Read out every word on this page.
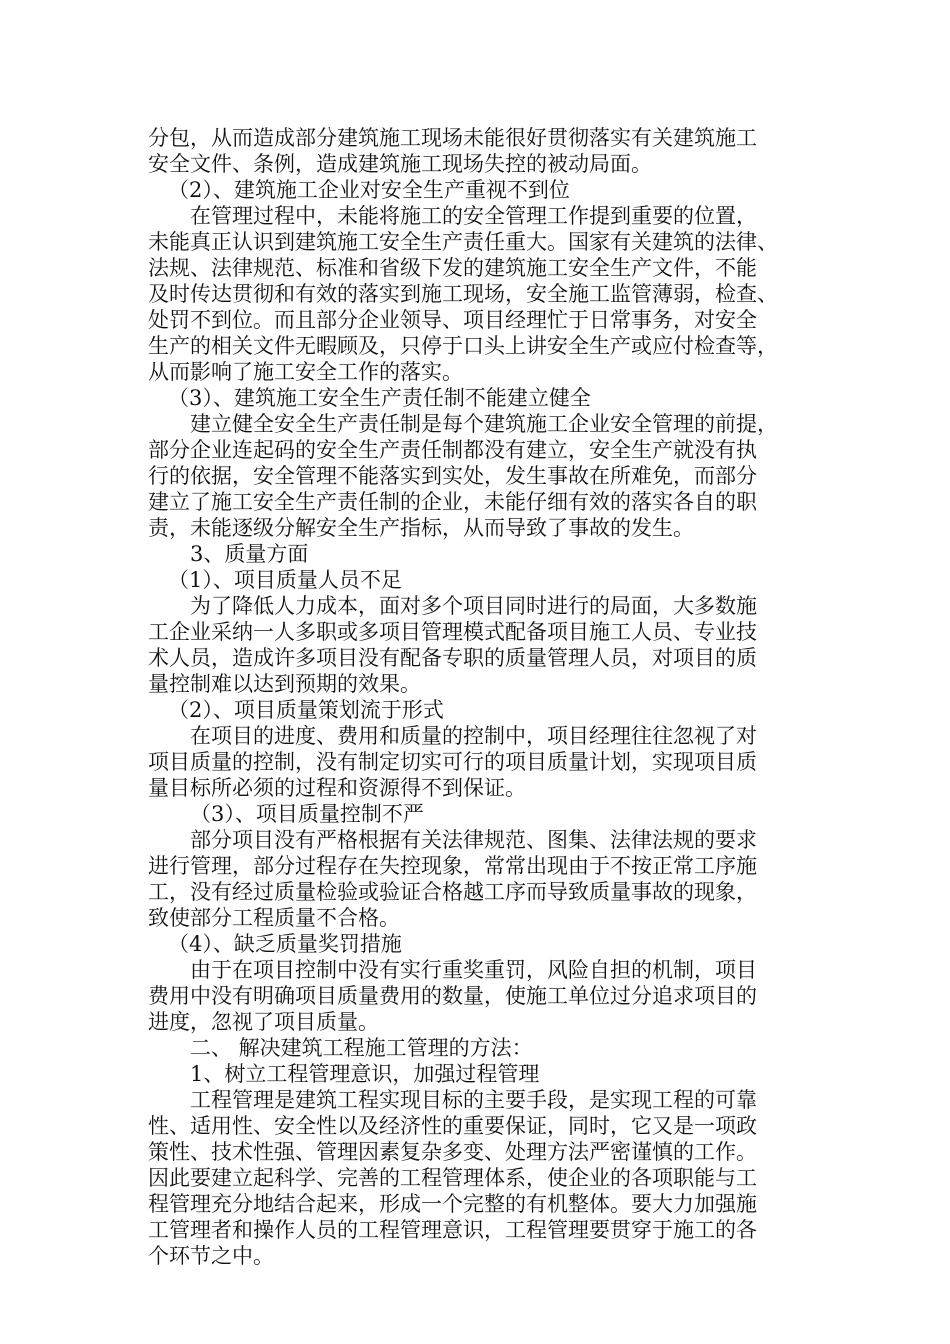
分包，从而造成部分建筑施工现场未能很好贯彻落实有关建筑施工
安全文件、条例，造成建筑施工现场失控的被动局面。
（2）、建筑施工企业对安全生产重视不到位
在管理过程中，未能将施工的安全管理工作提到重要的位置，
未能真正认识到建筑施工安全生产责任重大。国家有关建筑的法律、
法规、法律规范、标准和省级下发的建筑施工安全生产文件，不能
及时传达贯彻和有效的落实到施工现场，安全施工监管薄弱，检查、
处罚不到位。而且部分企业领导、项目经理忙于日常事务，对安全
生产的相关文件无暇顾及，只停于口头上讲安全生产或应付检查等，
从而影响了施工安全工作的落实。
（3）、建筑施工安全生产责任制不能建立健全
建立健全安全生产责任制是每个建筑施工企业安全管理的前提，
部分企业连起码的安全生产责任制都没有建立，安全生产就没有执
行的依据，安全管理不能落实到实处，发生事故在所难免，而部分
建立了施工安全生产责任制的企业，未能仔细有效的落实各自的职
责，未能逐级分解安全生产指标，从而导致了事故的发生。
3、质量方面
（1）、项目质量人员不足
为了降低人力成本，面对多个项目同时进行的局面，大多数施
工企业采纳一人多职或多项目管理模式配备项目施工人员、专业技
术人员，造成许多项目没有配备专职的质量管理人员，对项目的质
量控制难以达到预期的效果。
（2）、项目质量策划流于形式
在项目的进度、费用和质量的控制中，项目经理往往忽视了对
项目质量的控制，没有制定切实可行的项目质量计划，实现项目质
量目标所必须的过程和资源得不到保证。
（3）、项目质量控制不严
部分项目没有严格根据有关法律规范、图集、法律法规的要求
进行管理，部分过程存在失控现象，常常出现由于不按正常工序施
工，没有经过质量检验或验证合格越工序而导致质量事故的现象，
致使部分工程质量不合格。
（4）、缺乏质量奖罚措施
由于在项目控制中没有实行重奖重罚，风险自担的机制，项目
费用中没有明确项目质量费用的数量，使施工单位过分追求项目的
进度，忽视了项目质量。
二、 解决建筑工程施工管理的方法：
1、树立工程管理意识，加强过程管理
工程管理是建筑工程实现目标的主要手段，是实现工程的可靠
性、适用性、安全性以及经济性的重要保证，同时，它又是一项政
策性、技术性强、管理因素复杂多变、处理方法严密谨慎的工作。
因此要建立起科学、完善的工程管理体系，使企业的各项职能与工
程管理充分地结合起来，形成一个完整的有机整体。要大力加强施
工管理者和操作人员的工程管理意识，工程管理要贯穿于施工的各
个环节之中。
